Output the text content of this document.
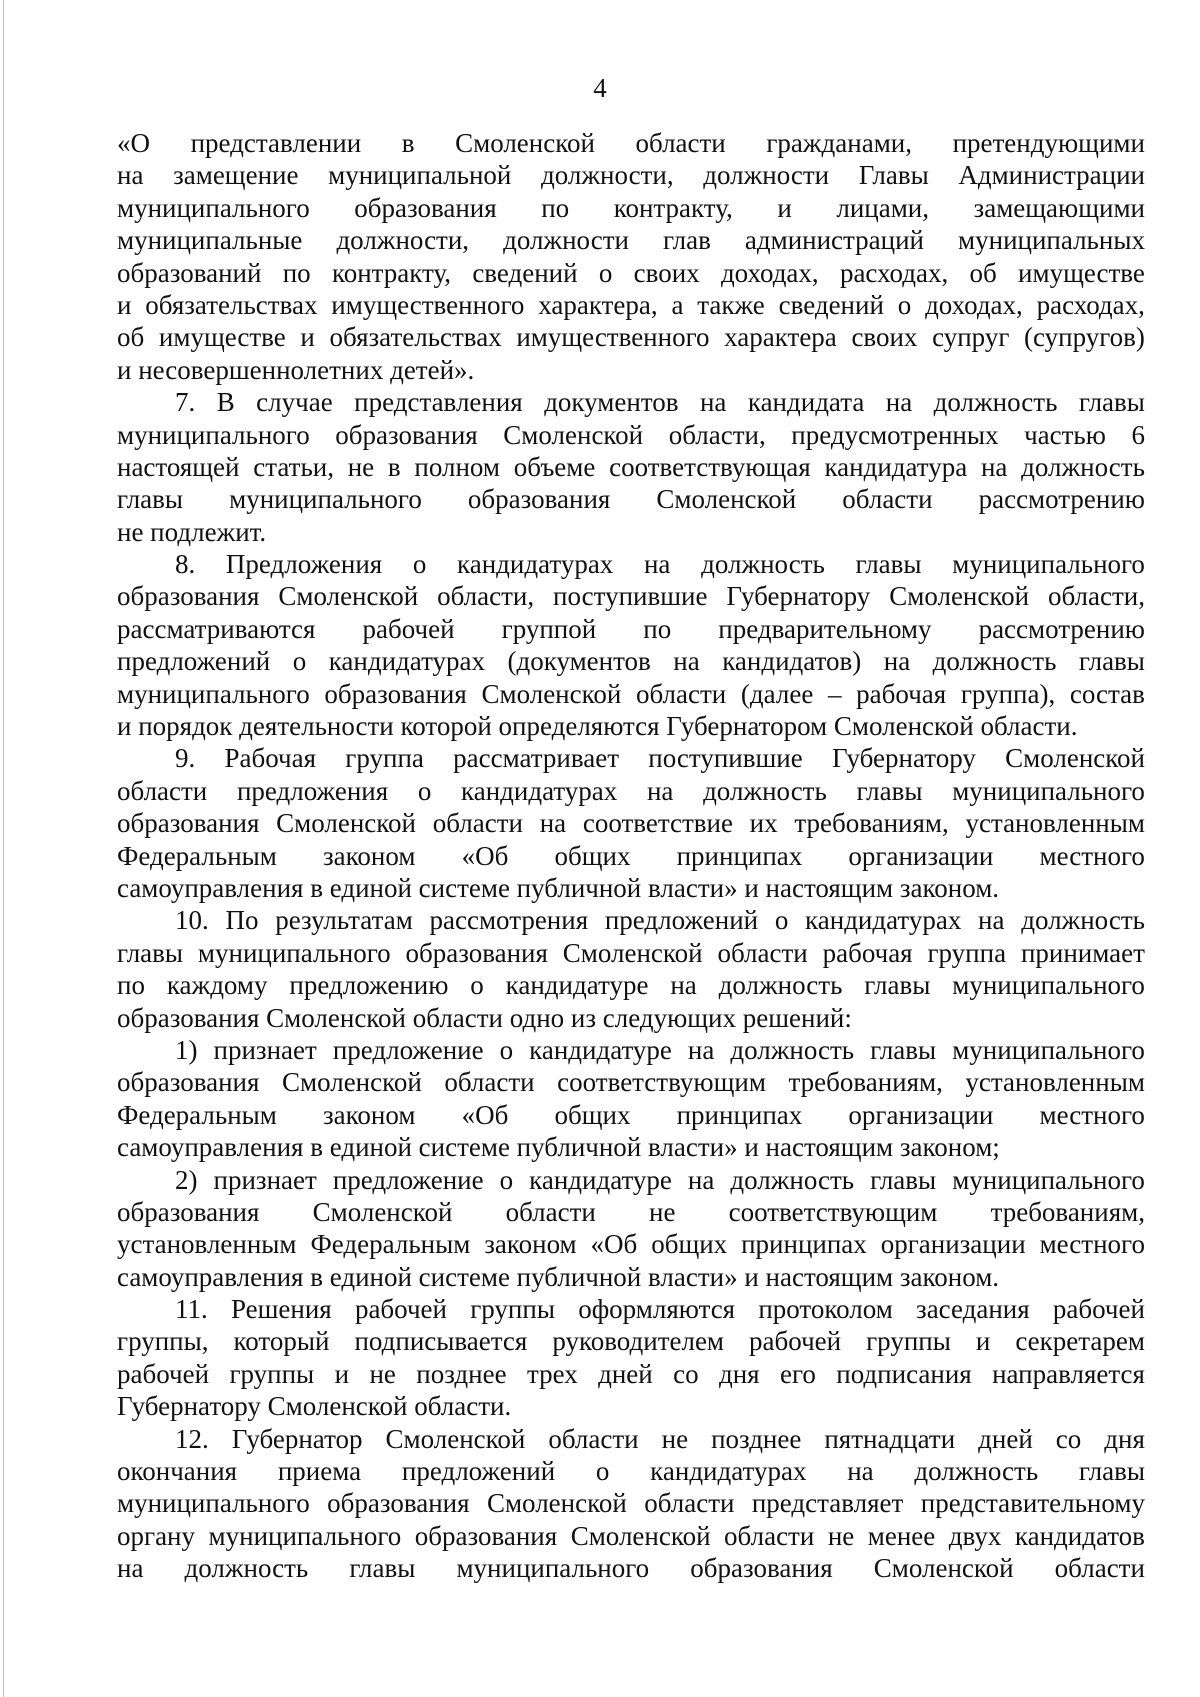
4
«О представлении в Смоленской области гражданами, претендующими
на замещение муниципальной должности, должности Главы Администрации
муниципального образования по контракту, и лицами, замещающими
муниципальные должности, должности глав администраций муниципальных
образований по контракту, сведений о своих доходах, расходах, об имуществе
и обязательствах имущественного характера, а также сведений о доходах, расходах,
об имуществе и обязательствах имущественного характера своих супруг (супругов)
и несовершеннолетних детей».
7. В случае представления документов на кандидата на должность главы
муниципального образования Смоленской области, предусмотренных частью 6
настоящей статьи, не в полном объеме соответствующая кандидатура на должность
главы муниципального образования Смоленской области рассмотрению
не подлежит.
8. Предложения о кандидатурах на должность главы муниципального
образования Смоленской области, поступившие Губернатору Смоленской области,
рассматриваются рабочей группой по предварительному рассмотрению
предложений о кандидатурах (документов на кандидатов) на должность главы
муниципального образования Смоленской области (далее – рабочая группа), состав
и порядок деятельности которой определяются Губернатором Смоленской области.
9. Рабочая группа рассматривает поступившие Губернатору Смоленской
области предложения о кандидатурах на должность главы муниципального
образования Смоленской области на соответствие их требованиям, установленным
Федеральным законом «Об общих принципах организации местного
самоуправления в единой системе публичной власти» и настоящим законом.
10. По результатам рассмотрения предложений о кандидатурах на должность
главы муниципального образования Смоленской области рабочая группа принимает
по каждому предложению о кандидатуре на должность главы муниципального
образования Смоленской области одно из следующих решений:
1) признает предложение о кандидатуре на должность главы муниципального
образования Смоленской области соответствующим требованиям, установленным
Федеральным законом «Об общих принципах организации местного
самоуправления в единой системе публичной власти» и настоящим законом;
2) признает предложение о кандидатуре на должность главы муниципального
образования Смоленской области не соответствующим требованиям,
установленным Федеральным законом «Об общих принципах организации местного
самоуправления в единой системе публичной власти» и настоящим законом.
11. Решения рабочей группы оформляются протоколом заседания рабочей
группы, который подписывается руководителем рабочей группы и секретарем
рабочей группы и не позднее трех дней со дня его подписания направляется
Губернатору Смоленской области.
12. Губернатор Смоленской области не позднее пятнадцати дней со дня
окончания приема предложений о кандидатурах на должность главы
муниципального образования Смоленской области представляет представительному
органу муниципального образования Смоленской области не менее двух кандидатов
на должность главы муниципального образования Смоленской области
